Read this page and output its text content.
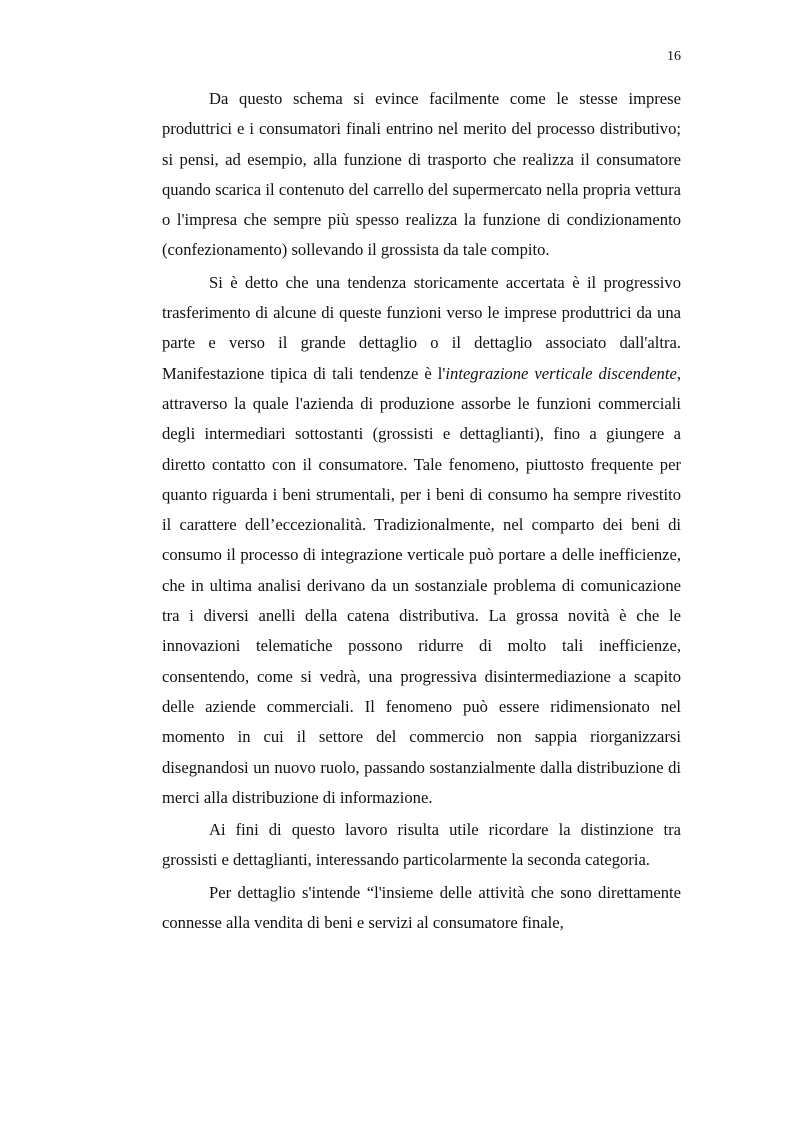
16

Da questo schema si evince facilmente come le stesse imprese produttrici e i consumatori finali entrino nel merito del processo distributivo; si pensi, ad esempio, alla funzione di trasporto che realizza il consumatore quando scarica il contenuto del carrello del supermercato nella propria vettura o l'impresa che sempre più spesso realizza la funzione di condizionamento (confezionamento) sollevando il grossista da tale compito.

Si è detto che una tendenza storicamente accertata è il progressivo trasferimento di alcune di queste funzioni verso le imprese produttrici da una parte e verso il grande dettaglio o il dettaglio associato dall'altra. Manifestazione tipica di tali tendenze è l'integrazione verticale discendente, attraverso la quale l'azienda di produzione assorbe le funzioni commerciali degli intermediari sottostanti (grossisti e dettaglianti), fino a giungere a diretto contatto con il consumatore. Tale fenomeno, piuttosto frequente per quanto riguarda i beni strumentali, per i beni di consumo ha sempre rivestito il carattere dell’eccezionalità. Tradizionalmente, nel comparto dei beni di consumo il processo di integrazione verticale può portare a delle inefficienze, che in ultima analisi derivano da un sostanziale problema di comunicazione tra i diversi anelli della catena distributiva. La grossa novità è che le innovazioni telematiche possono ridurre di molto tali inefficienze, consentendo, come si vedrà, una progressiva disintermediazione a scapito delle aziende commerciali. Il fenomeno può essere ridimensionato nel momento in cui il settore del commercio non sappia riorganizzarsi disegnandosi un nuovo ruolo, passando sostanzialmente dalla distribuzione di merci alla distribuzione di informazione.

Ai fini di questo lavoro risulta utile ricordare la distinzione tra grossisti e dettaglianti, interessando particolarmente la seconda categoria.

Per dettaglio s'intende “l'insieme delle attività che sono direttamente connesse alla vendita di beni e servizi al consumatore finale,
